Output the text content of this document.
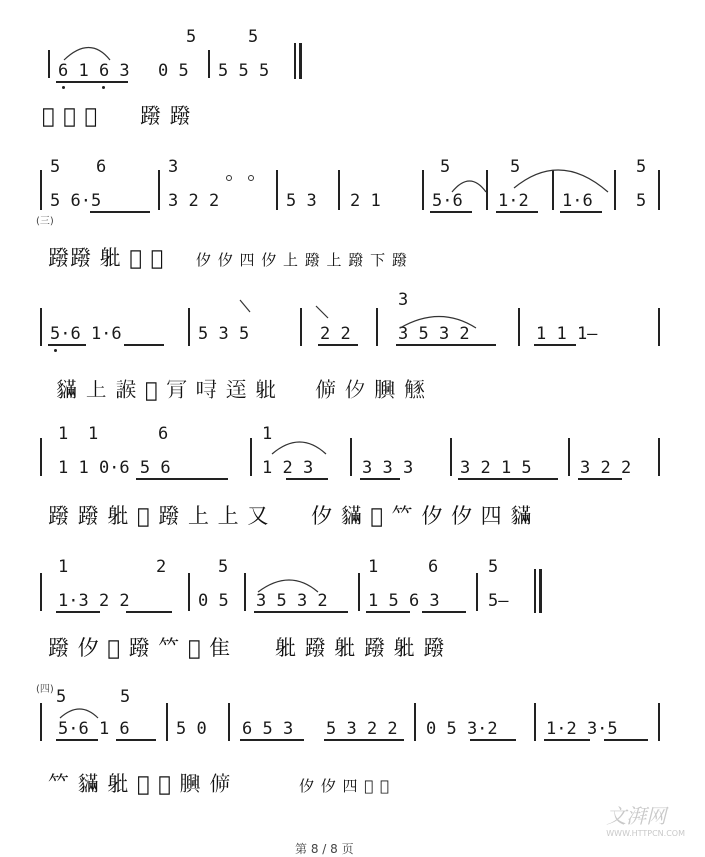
6 1 6 3 0 5
5
5 5 5
5
𫿞 隹 旬 蹳 蹳
5 6
5 6·5
3
3 2 2	5 3 2 1
5
5·6
5
1·2 1·6
5
5
(三)
蹳蹳 𨈚 𩃨 𧴝 㐴 㐴 四 㐴 上 蹳 上 蹳 下 蹳
5·6 1·6	5 3 5	2 2
3
3 5 3 2	1 1 1—
𧴝 上 𧩨 𧫳 𣍟 㖊 𨒬 𨈚 𠊴 㐴 𦢯 𧤲
1 1	6
1 1 0·6 5 6
1
1 2 3	3 3 3	3 2 1 5	3 2 2
蹳 蹳 𨈚 𩃨 蹳 上 上 又 㐴 𧴝 𧫳 𥫗 㐴 㐴 四 𧴝
1	2
1·3 2 2
5
0 5 3 5 3 2
1	6
1 5 6 3
5
5—
蹳 㐴 𧫳 蹳 𥫗 𧴝 隹 𨈚 蹳 𨈚 蹳 𨈚 蹳
(四) 5	5
5·6 1 6	5 0 6 5 3 5 3 2 2 0 5 3·2	1·2 3·5
𥫗 𧴝 𨈚 𧫳 𢃄 𦢯 𠊴	㐴 㐴 四 𩃨 𧴝
文湃网
WWW.HTTPCN.COM
第 8 / 8 页
